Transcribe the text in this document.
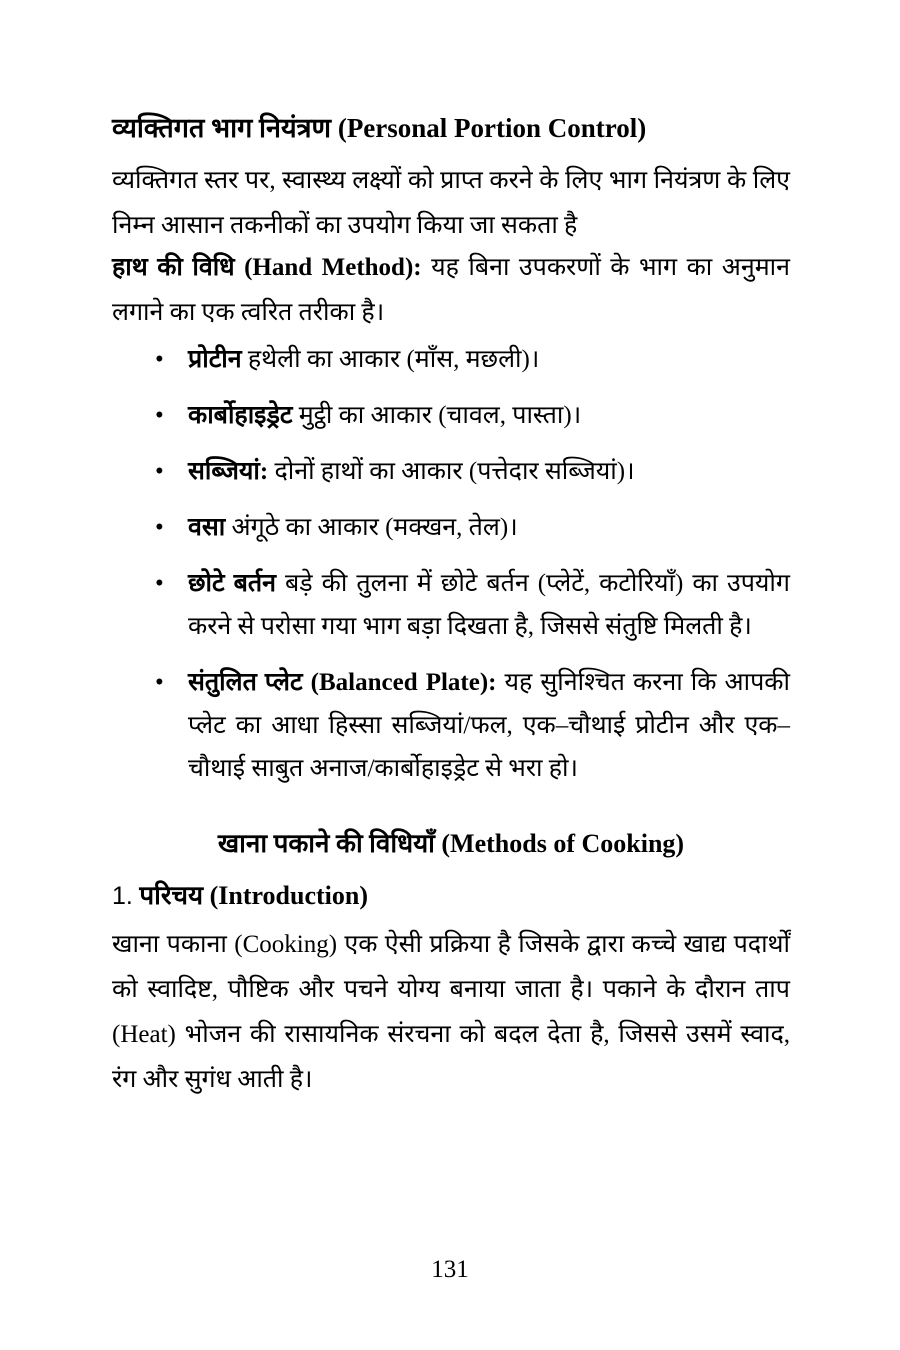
व्यक्तिगत भाग नियंत्रण (Personal Portion Control)

व्यक्तिगत स्तर पर, स्वास्थ्य लक्ष्यों को प्राप्त करने के लिए भाग नियंत्रण के लिए निम्न आसान तकनीकों का उपयोग किया जा सकता है

हाथ की विधि (Hand Method): यह बिना उपकरणों के भाग का अनुमान लगाने का एक त्वरित तरीका है।

• प्रोटीन हथेली का आकार (माँस, मछली)।
• कार्बोहाइड्रेट मुट्ठी का आकार (चावल, पास्ता)।
• सब्जियां: दोनों हाथों का आकार (पत्तेदार सब्जियां)।
• वसा अंगूठे का आकार (मक्खन, तेल)।
• छोटे बर्तन बड़े की तुलना में छोटे बर्तन (प्लेटें, कटोरियाँ) का उपयोग करने से परोसा गया भाग बड़ा दिखता है, जिससे संतुष्टि मिलती है।
• संतुलित प्लेट (Balanced Plate): यह सुनिश्चित करना कि आपकी प्लेट का आधा हिस्सा सब्जियां/फल, एक–चौथाई प्रोटीन और एक–चौथाई साबुत अनाज/कार्बोहाइड्रेट से भरा हो।
खाना पकाने की विधियाँ (Methods of Cooking)
1. परिचय (Introduction)

खाना पकाना (Cooking) एक ऐसी प्रक्रिया है जिसके द्वारा कच्चे खाद्य पदार्थों को स्वादिष्ट, पौष्टिक और पचने योग्य बनाया जाता है। पकाने के दौरान ताप (Heat) भोजन की रासायनिक संरचना को बदल देता है, जिससे उसमें स्वाद, रंग और सुगंध आती है।

131
